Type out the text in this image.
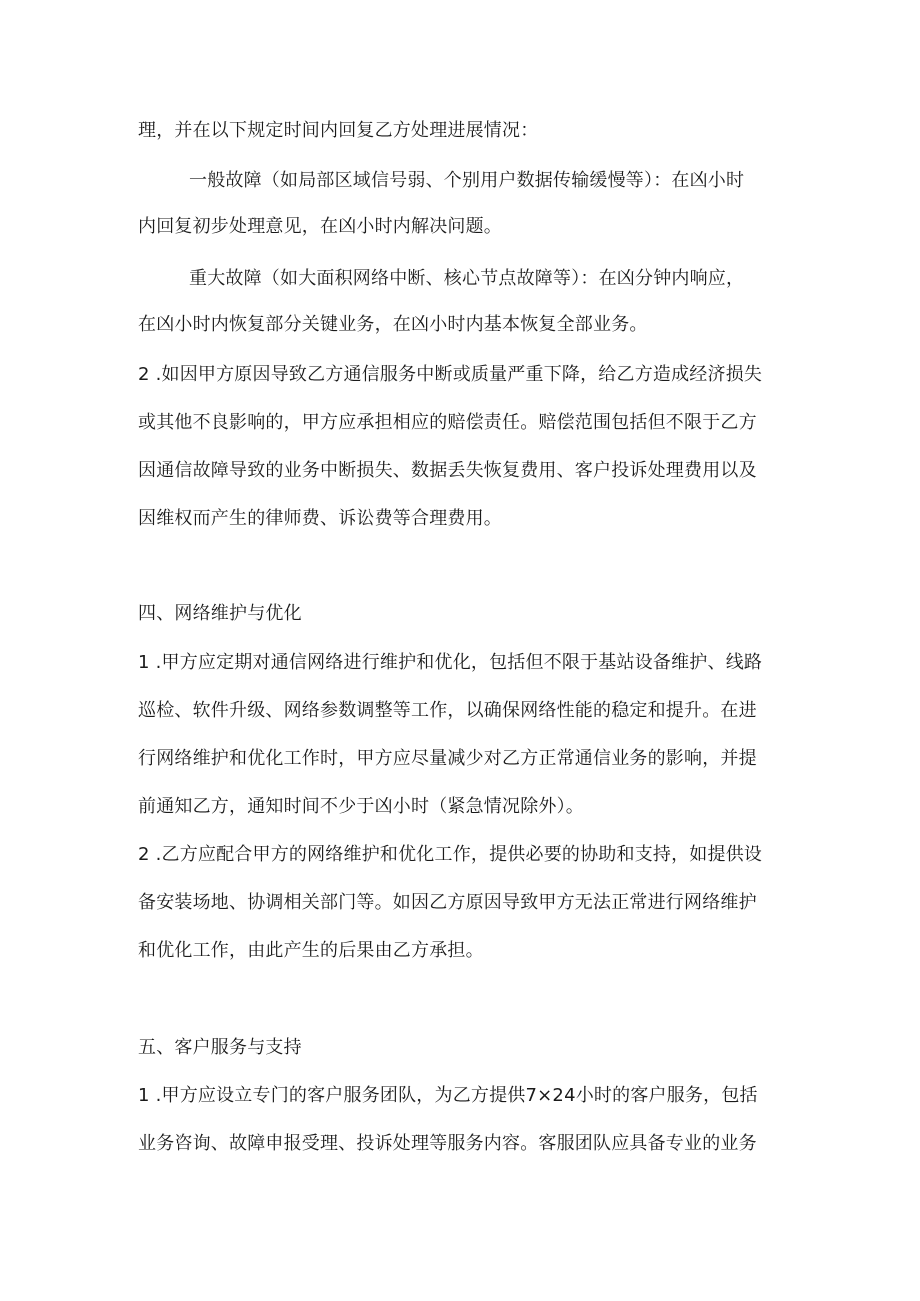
理，并在以下规定时间内回复乙方处理进展情况：
一般故障（如局部区域信号弱、个别用户数据传输缓慢等）：在凶小时
内回复初步处理意见，在凶小时内解决问题。
重大故障（如大面积网络中断、核心节点故障等）：在凶分钟内响应，
在凶小时内恢复部分关键业务，在凶小时内基本恢复全部业务。
2 .如因甲方原因导致乙方通信服务中断或质量严重下降，给乙方造成经济损失
或其他不良影响的，甲方应承担相应的赔偿责任。赔偿范围包括但不限于乙方
因通信故障导致的业务中断损失、数据丢失恢复费用、客户投诉处理费用以及
因维权而产生的律师费、诉讼费等合理费用。
四、网络维护与优化
1 .甲方应定期对通信网络进行维护和优化，包括但不限于基站设备维护、线路
巡检、软件升级、网络参数调整等工作，以确保网络性能的稳定和提升。在进
行网络维护和优化工作时，甲方应尽量减少对乙方正常通信业务的影响，并提
前通知乙方，通知时间不少于凶小时（紧急情况除外）。
2 .乙方应配合甲方的网络维护和优化工作，提供必要的协助和支持，如提供设
备安装场地、协调相关部门等。如因乙方原因导致甲方无法正常进行网络维护
和优化工作，由此产生的后果由乙方承担。
五、客户服务与支持
1 .甲方应设立专门的客户服务团队，为乙方提供7×24小时的客户服务，包括
业务咨询、故障申报受理、投诉处理等服务内容。客服团队应具备专业的业务
